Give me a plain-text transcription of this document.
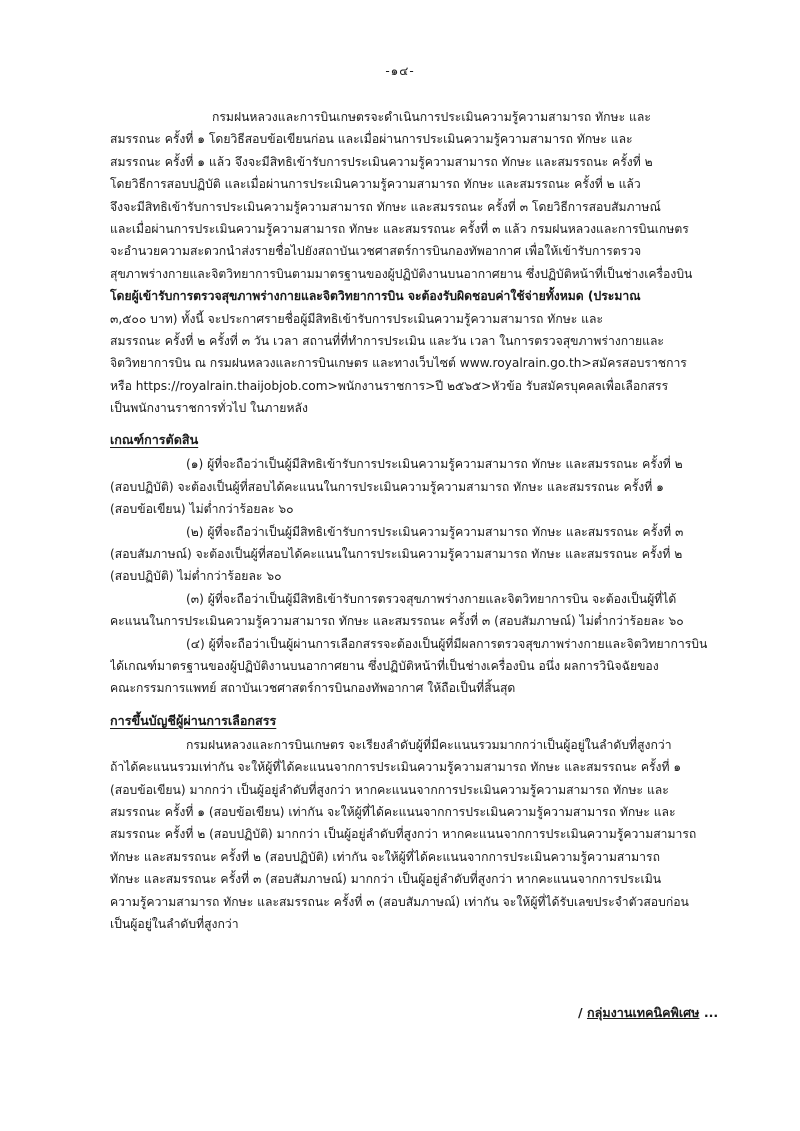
-๑๔-
กรมฝนหลวงและการบินเกษตรจะดำเนินการประเมินความรู้ความสามารถ ทักษะ และ
สมรรถนะ ครั้งที่ ๑ โดยวิธีสอบข้อเขียนก่อน และเมื่อผ่านการประเมินความรู้ความสามารถ ทักษะ และ
สมรรถนะ ครั้งที่ ๑ แล้ว จึงจะมีสิทธิเข้ารับการประเมินความรู้ความสามารถ ทักษะ และสมรรถนะ ครั้งที่ ๒
โดยวิธีการสอบปฏิบัติ และเมื่อผ่านการประเมินความรู้ความสามารถ ทักษะ และสมรรถนะ ครั้งที่ ๒ แล้ว
จึงจะมีสิทธิเข้ารับการประเมินความรู้ความสามารถ ทักษะ และสมรรถนะ ครั้งที่ ๓ โดยวิธีการสอบสัมภาษณ์
และเมื่อผ่านการประเมินความรู้ความสามารถ ทักษะ และสมรรถนะ ครั้งที่ ๓ แล้ว กรมฝนหลวงและการบินเกษตร
จะอำนวยความสะดวกนำส่งรายชื่อไปยังสถาบันเวชศาสตร์การบินกองทัพอากาศ เพื่อให้เข้ารับการตรวจ
สุขภาพร่างกายและจิตวิทยาการบินตามมาตรฐานของผู้ปฏิบัติงานบนอากาศยาน ซึ่งปฏิบัติหน้าที่เป็นช่างเครื่องบิน
โดยผู้เข้ารับการตรวจสุขภาพร่างกายและจิตวิทยาการบิน จะต้องรับผิดชอบค่าใช้จ่ายทั้งหมด (ประมาณ
๓,๕๐๐ บาท) ทั้งนี้ จะประกาศรายชื่อผู้มีสิทธิเข้ารับการประเมินความรู้ความสามารถ ทักษะ และ
สมรรถนะ ครั้งที่ ๒ ครั้งที่ ๓ วัน เวลา สถานที่ที่ทำการประเมิน และวัน เวลา ในการตรวจสุขภาพร่างกายและ
จิตวิทยาการบิน ณ กรมฝนหลวงและการบินเกษตร และทางเว็บไซต์ www.royalrain.go.th>สมัครสอบราชการ
หรือ https://royalrain.thaijobjob.com>พนักงานราชการ>ปี ๒๕๖๕>หัวข้อ รับสมัครบุคคลเพื่อเลือกสรร
เป็นพนักงานราชการทั่วไป ในภายหลัง
เกณฑ์การตัดสิน
(๑) ผู้ที่จะถือว่าเป็นผู้มีสิทธิเข้ารับการประเมินความรู้ความสามารถ ทักษะ และสมรรถนะ ครั้งที่ ๒
(สอบปฏิบัติ) จะต้องเป็นผู้ที่สอบได้คะแนนในการประเมินความรู้ความสามารถ ทักษะ และสมรรถนะ ครั้งที่ ๑
(สอบข้อเขียน) ไม่ต่ำกว่าร้อยละ ๖๐
(๒) ผู้ที่จะถือว่าเป็นผู้มีสิทธิเข้ารับการประเมินความรู้ความสามารถ ทักษะ และสมรรถนะ ครั้งที่ ๓
(สอบสัมภาษณ์) จะต้องเป็นผู้ที่สอบได้คะแนนในการประเมินความรู้ความสามารถ ทักษะ และสมรรถนะ ครั้งที่ ๒
(สอบปฏิบัติ) ไม่ต่ำกว่าร้อยละ ๖๐
(๓) ผู้ที่จะถือว่าเป็นผู้มีสิทธิเข้ารับการตรวจสุขภาพร่างกายและจิตวิทยาการบิน จะต้องเป็นผู้ที่ได้
คะแนนในการประเมินความรู้ความสามารถ ทักษะ และสมรรถนะ ครั้งที่ ๓ (สอบสัมภาษณ์) ไม่ต่ำกว่าร้อยละ ๖๐
(๔) ผู้ที่จะถือว่าเป็นผู้ผ่านการเลือกสรรจะต้องเป็นผู้ที่มีผลการตรวจสุขภาพร่างกายและจิตวิทยาการบิน
ได้เกณฑ์มาตรฐานของผู้ปฏิบัติงานบนอากาศยาน ซึ่งปฏิบัติหน้าที่เป็นช่างเครื่องบิน อนึ่ง ผลการวินิจฉัยของ
คณะกรรมการแพทย์ สถาบันเวชศาสตร์การบินกองทัพอากาศ ให้ถือเป็นที่สิ้นสุด
การขึ้นบัญชีผู้ผ่านการเลือกสรร
กรมฝนหลวงและการบินเกษตร จะเรียงลำดับผู้ที่มีคะแนนรวมมากกว่าเป็นผู้อยู่ในลำดับที่สูงกว่า
ถ้าได้คะแนนรวมเท่ากัน จะให้ผู้ที่ได้คะแนนจากการประเมินความรู้ความสามารถ ทักษะ และสมรรถนะ ครั้งที่ ๑
(สอบข้อเขียน) มากกว่า เป็นผู้อยู่ลำดับที่สูงกว่า หากคะแนนจากการประเมินความรู้ความสามารถ ทักษะ และ
สมรรถนะ ครั้งที่ ๑ (สอบข้อเขียน) เท่ากัน จะให้ผู้ที่ได้คะแนนจากการประเมินความรู้ความสามารถ ทักษะ และ
สมรรถนะ ครั้งที่ ๒ (สอบปฏิบัติ) มากกว่า เป็นผู้อยู่ลำดับที่สูงกว่า หากคะแนนจากการประเมินความรู้ความสามารถ
ทักษะ และสมรรถนะ ครั้งที่ ๒ (สอบปฏิบัติ) เท่ากัน จะให้ผู้ที่ได้คะแนนจากการประเมินความรู้ความสามารถ
ทักษะ และสมรรถนะ ครั้งที่ ๓ (สอบสัมภาษณ์) มากกว่า เป็นผู้อยู่ลำดับที่สูงกว่า หากคะแนนจากการประเมิน
ความรู้ความสามารถ ทักษะ และสมรรถนะ ครั้งที่ ๓ (สอบสัมภาษณ์) เท่ากัน จะให้ผู้ที่ได้รับเลขประจำตัวสอบก่อน
เป็นผู้อยู่ในลำดับที่สูงกว่า
/ กลุ่มงานเทคนิคพิเศษ ...
